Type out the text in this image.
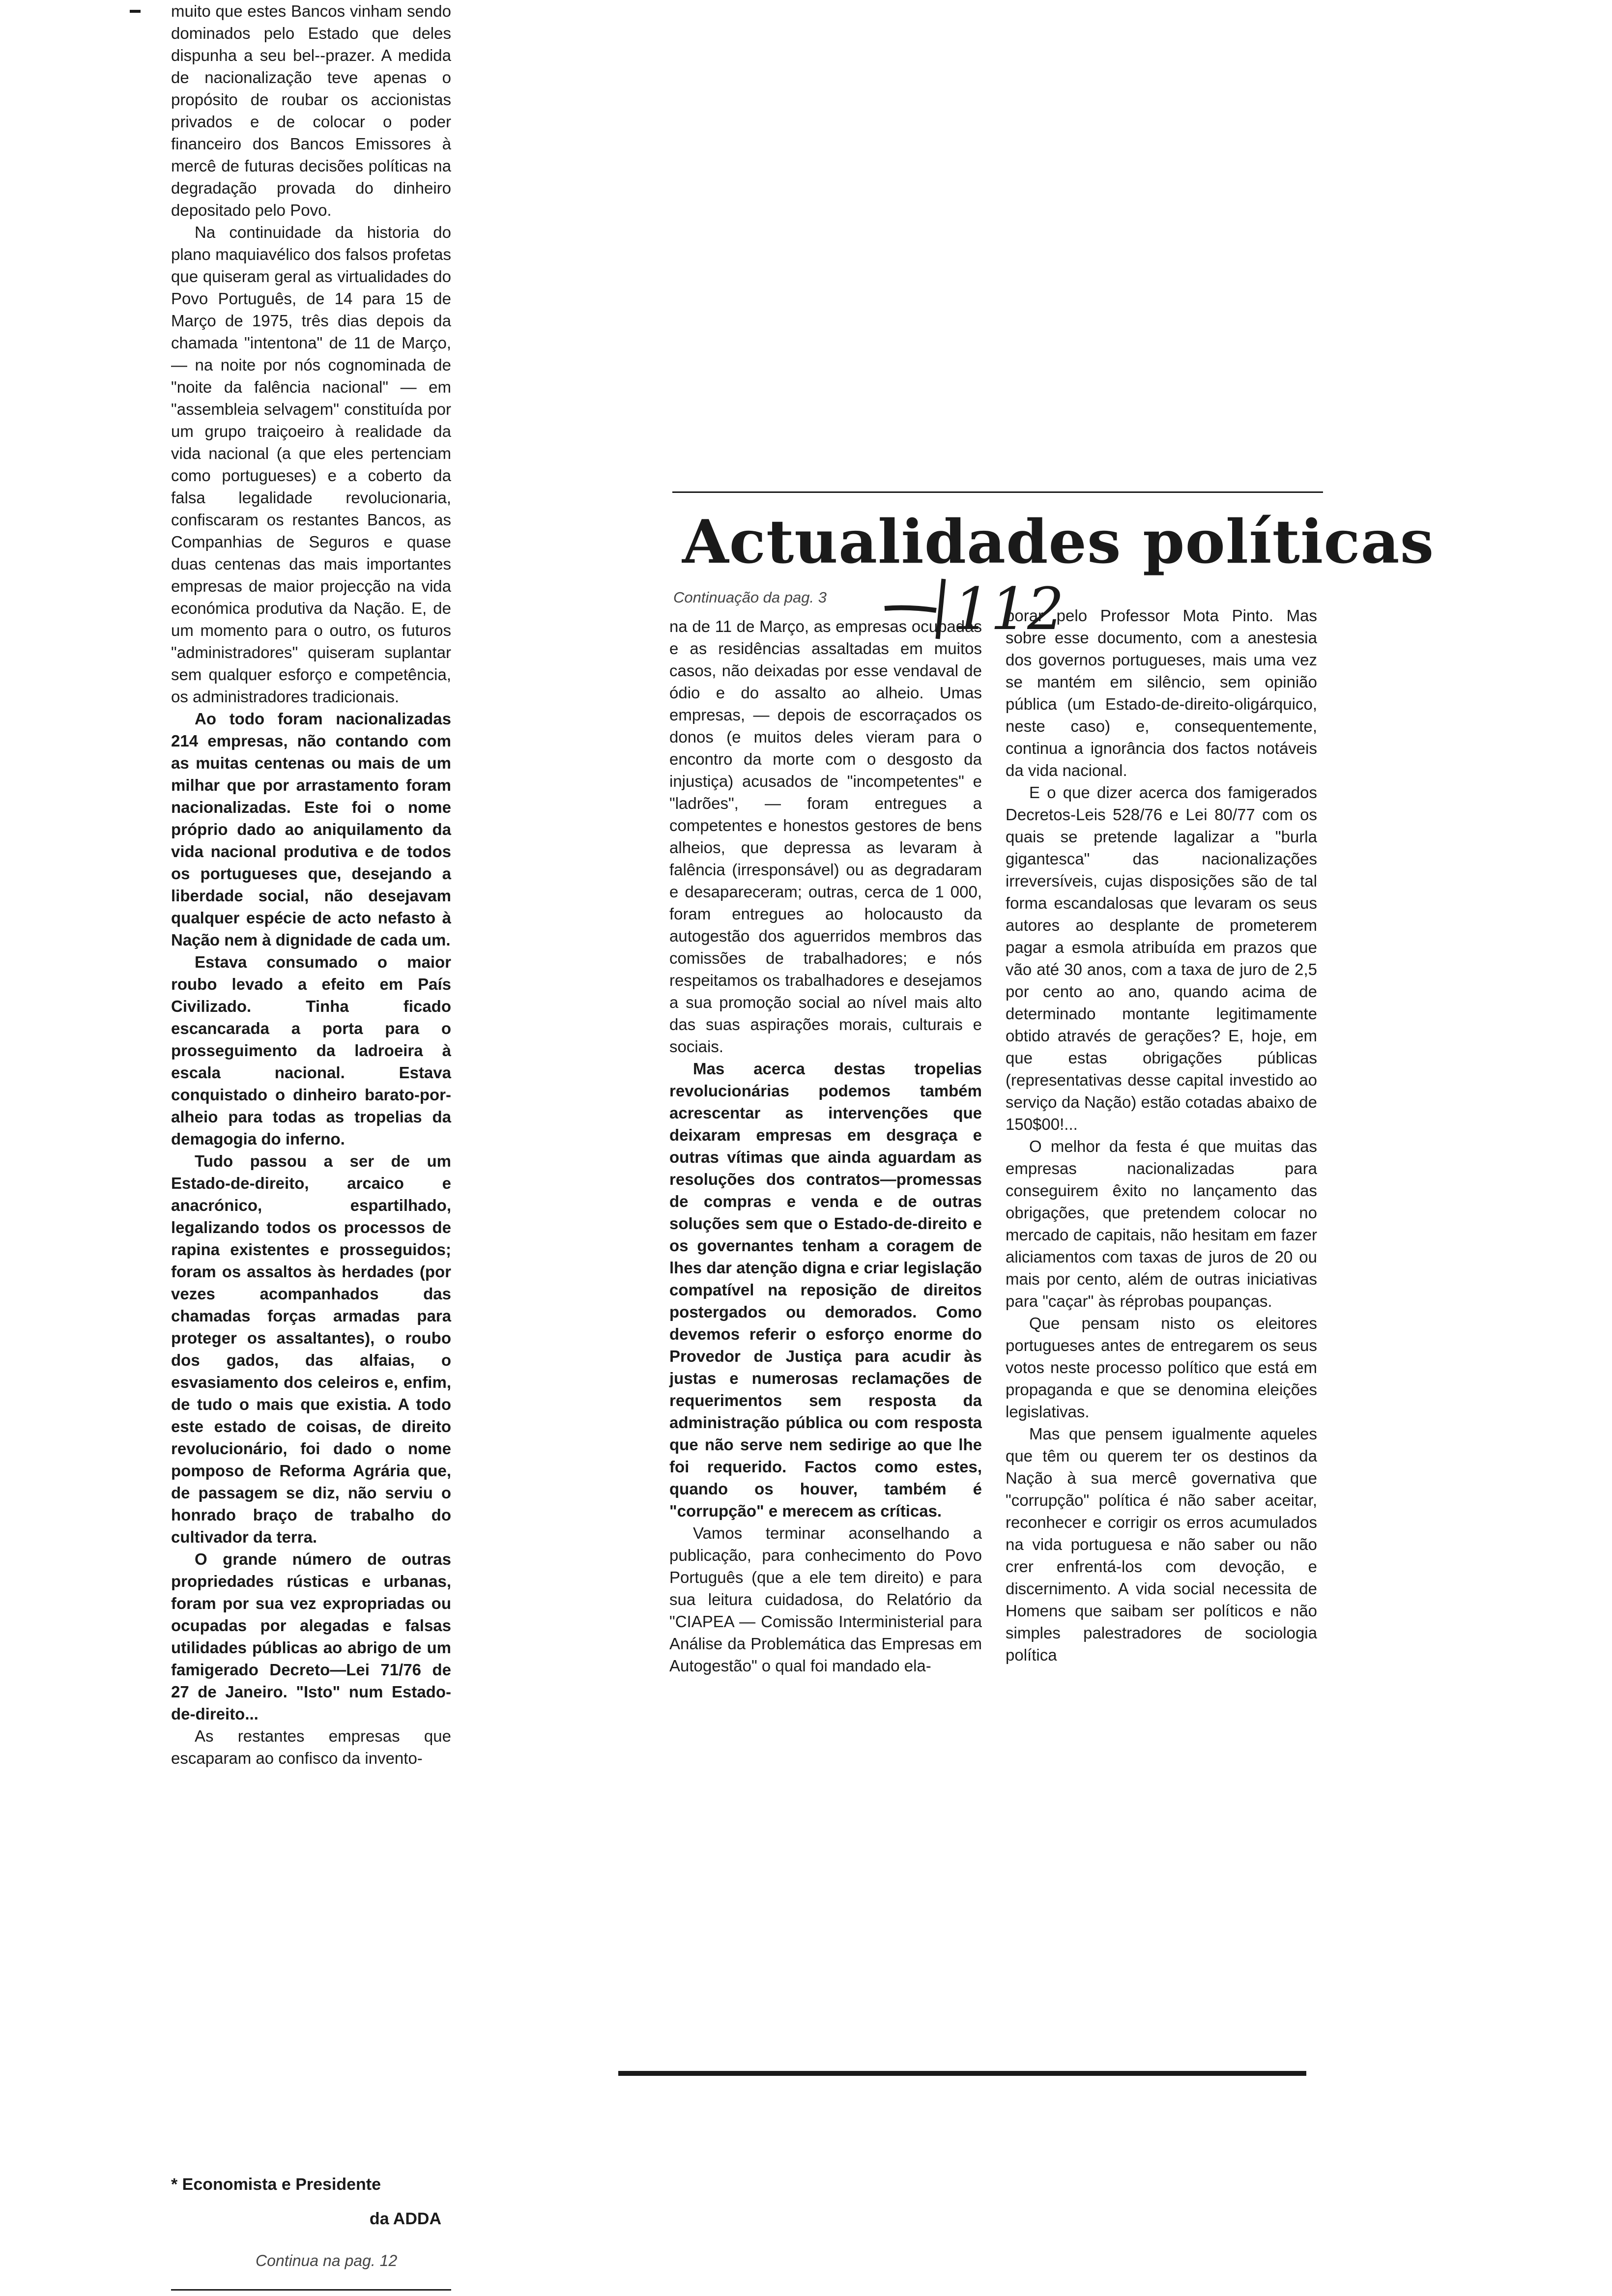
muito que estes Bancos vinham sendo dominados pelo Estado que deles dispunha a seu bel--prazer. A medida de nacionalização teve apenas o propósito de roubar os accionistas privados e de colocar o poder financeiro dos Bancos Emissores à mercê de futuras decisões políticas na degradação provada do dinheiro depositado pelo Povo.

Na continuidade da historia do plano maquiavélico dos falsos profetas que quiseram geral as virtualidades do Povo Português, de 14 para 15 de Março de 1975, três dias depois da chamada "intentona" de 11 de Março, — na noite por nós cognominada de "noite da falência nacional" — em "assembleia selvagem" constituída por um grupo traiçoeiro à realidade da vida nacional (a que eles pertenciam como portugueses) e a coberto da falsa legalidade revolucionaria, confiscaram os restantes Bancos, as Companhias de Seguros e quase duas centenas das mais importantes empresas de maior projecção na vida económica produtiva da Nação. E, de um momento para o outro, os futuros "administradores" quiseram suplantar sem qualquer esforço e competência, os administradores tradicionais.

Ao todo foram nacionalizadas 214 empresas, não contando com as muitas centenas ou mais de um milhar que por arrastamento foram nacionalizadas. Este foi o nome próprio dado ao aniquilamento da vida nacional produtiva e de todos os portugueses que, desejando a liberdade social, não desejavam qualquer espécie de acto nefasto à Nação nem à dignidade de cada um.

Estava consumado o maior roubo levado a efeito em País Civilizado. Tinha ficado escancarada a porta para o prosseguimento da ladroeira à escala nacional. Estava conquistado o dinheiro barato-por-alheio para todas as tropelias da demagogia do inferno.

Tudo passou a ser de um Estado-de-direito, arcaico e anacrónico, espartilhado, legalizando todos os processos de rapina existentes e prosseguidos; foram os assaltos às herdades (por vezes acompanhados das chamadas forças armadas para proteger os assaltantes), o roubo dos gados, das alfaias, o esvasiamento dos celeiros e, enfim, de tudo o mais que existia. A todo este estado de coisas, de direito revolucionário, foi dado o nome pomposo de Reforma Agrária que, de passagem se diz, não serviu o honrado braço de trabalho do cultivador da terra.

O grande número de outras propriedades rústicas e urbanas, foram por sua vez expropriadas ou ocupadas por alegadas e falsas utilidades públicas ao abrigo de um famigerado Decreto—Lei 71/76 de 27 de Janeiro. "Isto" num Estado-de-direito...

As restantes empresas que escaparam ao confisco da invento-

* Economista e Presidente
da ADDA
Continua na pag. 12
Actualidades políticas
Continuação da pag. 3	112

na de 11 de Março, as empresas ocupadas e as residências assaltadas em muitos casos, não deixadas por esse vendaval de ódio e do assalto ao alheio. Umas empresas, — depois de escorraçados os donos (e muitos deles vieram para o encontro da morte com o desgosto da injustiça) acusados de "incompetentes" e "ladrões", — foram entregues a competentes e honestos gestores de bens alheios, que depressa as levaram à falência (irresponsável) ou as degradaram e desapareceram; outras, cerca de 1 000, foram entregues ao holocausto da autogestão dos aguerridos membros das comissões de trabalhadores; e nós respeitamos os trabalhadores e desejamos a sua promoção social ao nível mais alto das suas aspirações morais, culturais e sociais.

Mas acerca destas tropelias revolucionárias podemos também acrescentar as intervenções que deixaram empresas em desgraça e outras vítimas que ainda aguardam as resoluções dos contratos—promessas de compras e venda e de outras soluções sem que o Estado-de-direito e os governantes tenham a coragem de lhes dar atenção digna e criar legislação compatível na reposição de direitos postergados ou demorados. Como devemos referir o esforço enorme do Provedor de Justiça para acudir às justas e numerosas reclamações de requerimentos sem resposta da administração pública ou com resposta que não serve nem sedirige ao que lhe foi requerido. Factos como estes, quando os houver, também é "corrupção" e merecem as críticas.

Vamos terminar aconselhando a publicação, para conhecimento do Povo Português (que a ele tem direito) e para sua leitura cuidadosa, do Relatório da "CIAPEA — Comissão Interministerial para Análise da Problemática das Empresas em Autogestão" o qual foi mandado ela-

borar pelo Professor Mota Pinto. Mas sobre esse documento, com a anestesia dos governos portugueses, mais uma vez se mantém em silêncio, sem opinião pública (um Estado-de-direito-oligárquico, neste caso) e, consequentemente, continua a ignorância dos factos notáveis da vida nacional.

E o que dizer acerca dos famigerados Decretos-Leis 528/76 e Lei 80/77 com os quais se pretende lagalizar a "burla gigantesca" das nacionalizações irreversíveis, cujas disposições são de tal forma escandalosas que levaram os seus autores ao desplante de prometerem pagar a esmola atribuída em prazos que vão até 30 anos, com a taxa de juro de 2,5 por cento ao ano, quando acima de determinado montante legitimamente obtido através de gerações? E, hoje, em que estas obrigações públicas (representativas desse capital investido ao serviço da Nação) estão cotadas abaixo de 150$00!...

O melhor da festa é que muitas das empresas nacionalizadas para conseguirem êxito no lançamento das obrigações, que pretendem colocar no mercado de capitais, não hesitam em fazer aliciamentos com taxas de juros de 20 ou mais por cento, além de outras iniciativas para "caçar" às réprobas poupanças.

Que pensam nisto os eleitores portugueses antes de entregarem os seus votos neste processo político que está em propaganda e que se denomina eleições legislativas.

Mas que pensem igualmente aqueles que têm ou querem ter os destinos da Nação à sua mercê governativa que "corrupção" política é não saber aceitar, reconhecer e corrigir os erros acumulados na vida portuguesa e não saber ou não crer enfrentá-los com devoção, e discernimento. A vida social necessita de Homens que saibam ser políticos e não simples palestradores de sociologia política
